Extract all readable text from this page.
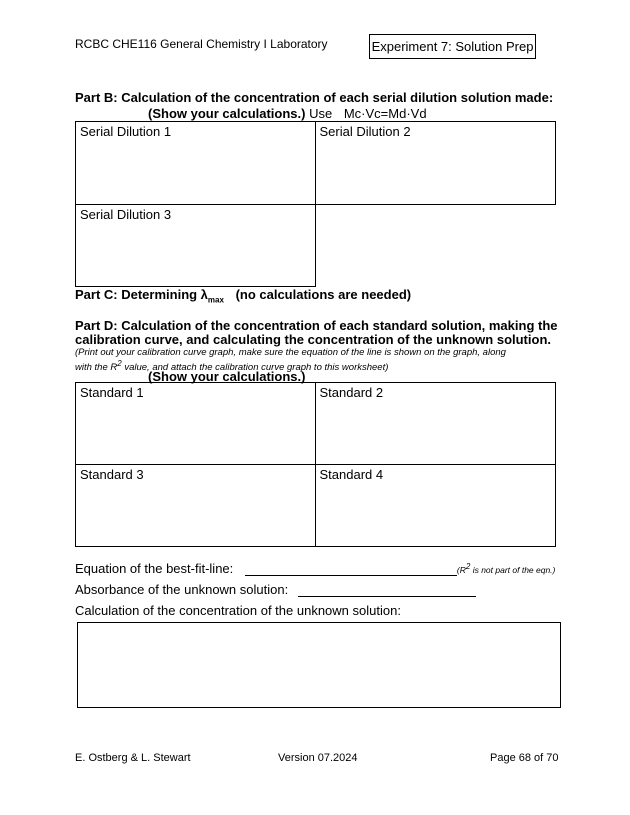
RCBC CHE116 General Chemistry I Laboratory	Experiment 7: Solution Prep
Part B: Calculation of the concentration of each serial dilution solution made:
(Show your calculations.) Use Mc·Vc=Md·Vd
Serial Dilution 1	Serial Dilution 2
Serial Dilution 3	
Part C: Determining $\lambda_{max}$ (no calculations are needed)
Part D: Calculation of the concentration of each standard solution, making the
calibration curve, and calculating the concentration of the unknown solution.
(Print out your calibration curve graph, make sure the equation of the line is shown on the graph, along
with the $R^2$ value, and attach the calibration curve graph to this worksheet)
(Show your calculations.)
Standard 1	Standard 2
Standard 3	Standard 4
Equation of the best-fit-line:	($R^2$ is not part of the eqn.)
Absorbance of the unknown solution:
Calculation of the concentration of the unknown solution:
E. Ostberg & L. Stewart	Version 07.2024	Page 68 of 70
